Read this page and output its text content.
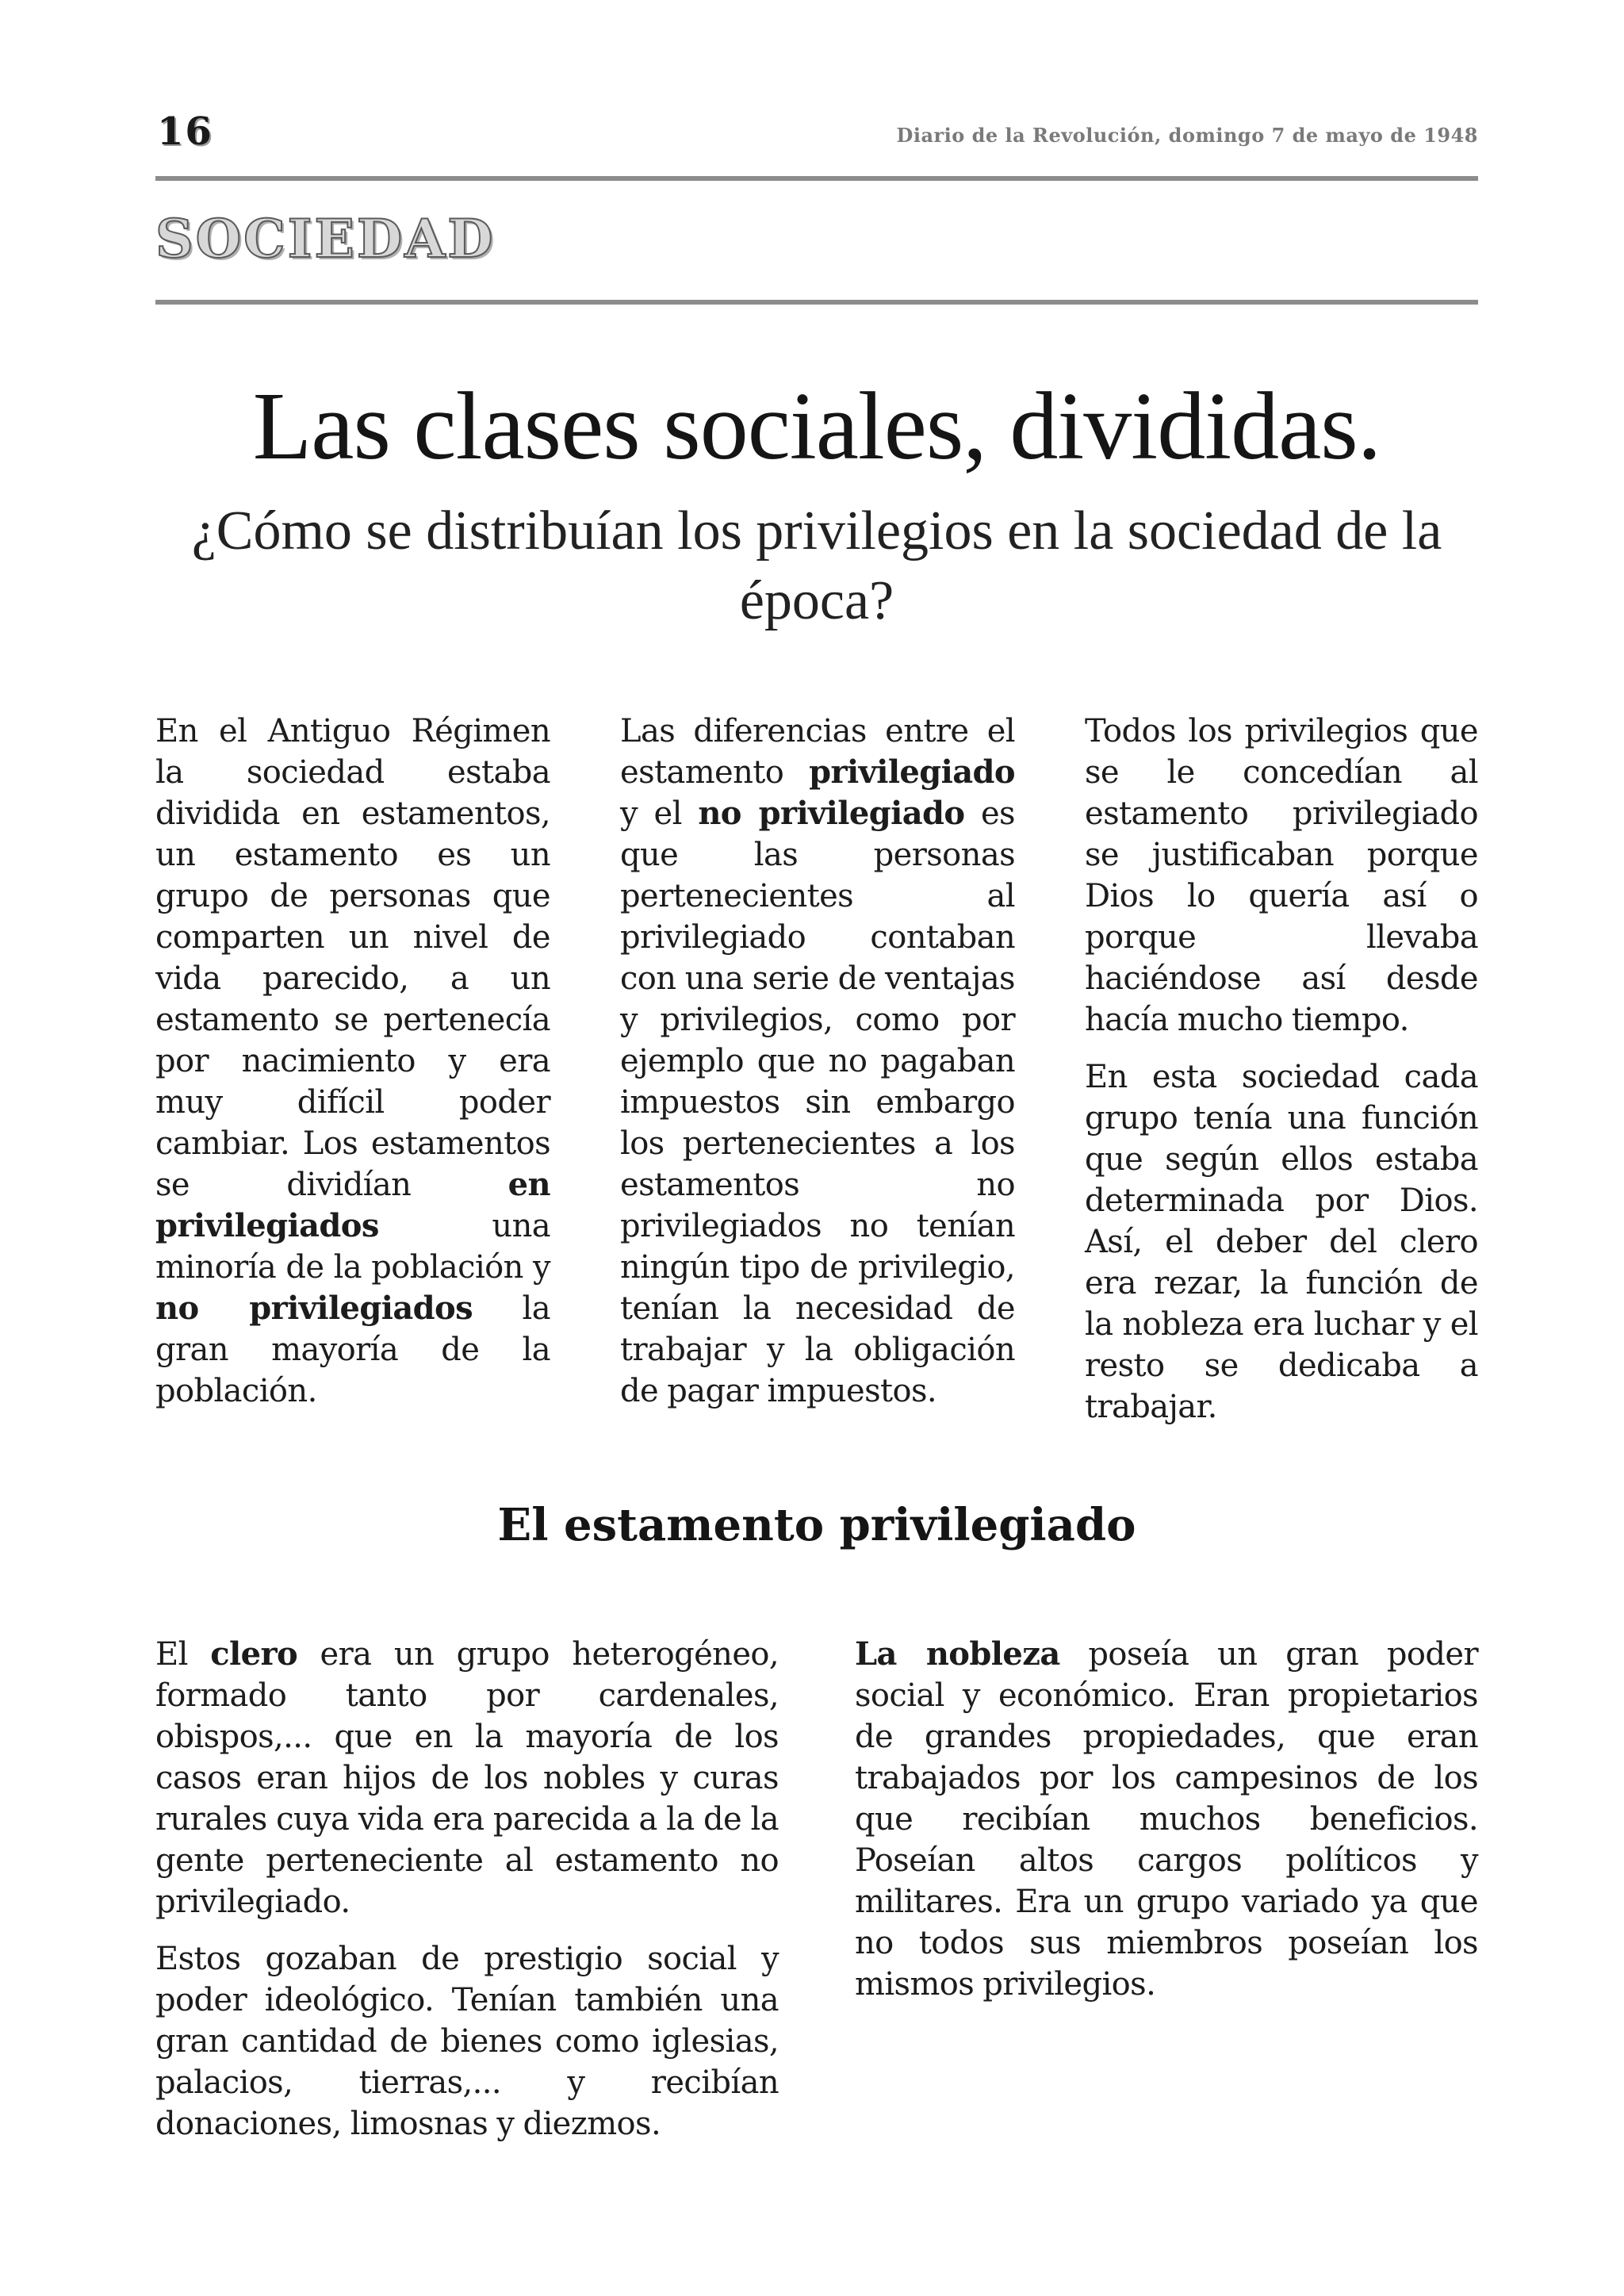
16	Diario de la Revolución, domingo 7 de mayo de 1948
SOCIEDAD
Las clases sociales, divididas.
¿Cómo se distribuían los privilegios en la sociedad de la época?

En el Antiguo Régimen la sociedad estaba dividida en estamentos, un estamento es un grupo de personas que comparten un nivel de vida parecido, a un estamento se pertenecía por nacimiento y era muy difícil poder cambiar. Los estamentos se dividían en privilegiados una minoría de la población y no privilegiados la gran mayoría de la población.

Las diferencias entre el estamento privilegiado y el no privilegiado es que las personas pertenecientes al privilegiado contaban con una serie de ventajas y privilegios, como por ejemplo que no pagaban impuestos sin embargo los pertenecientes a los estamentos no privilegiados no tenían ningún tipo de privilegio, tenían la necesidad de trabajar y la obligación de pagar impuestos.

Todos los privilegios que se le concedían al estamento privilegiado se justificaban porque Dios lo quería así o porque llevaba haciéndose así desde hacía mucho tiempo.

En esta sociedad cada grupo tenía una función que según ellos estaba determinada por Dios. Así, el deber del clero era rezar, la función de la nobleza era luchar y el resto se dedicaba a trabajar.

El estamento privilegiado

El clero era un grupo heterogéneo, formado tanto por cardenales, obispos,... que en la mayoría de los casos eran hijos de los nobles y curas rurales cuya vida era parecida a la de la gente perteneciente al estamento no privilegiado.

Estos gozaban de prestigio social y poder ideológico. Tenían también una gran cantidad de bienes como iglesias, palacios, tierras,... y recibían donaciones, limosnas y diezmos.

La nobleza poseía un gran poder social y económico. Eran propietarios de grandes propiedades, que eran trabajados por los campesinos de los que recibían muchos beneficios. Poseían altos cargos políticos y militares. Era un grupo variado ya que no todos sus miembros poseían los mismos privilegios.
